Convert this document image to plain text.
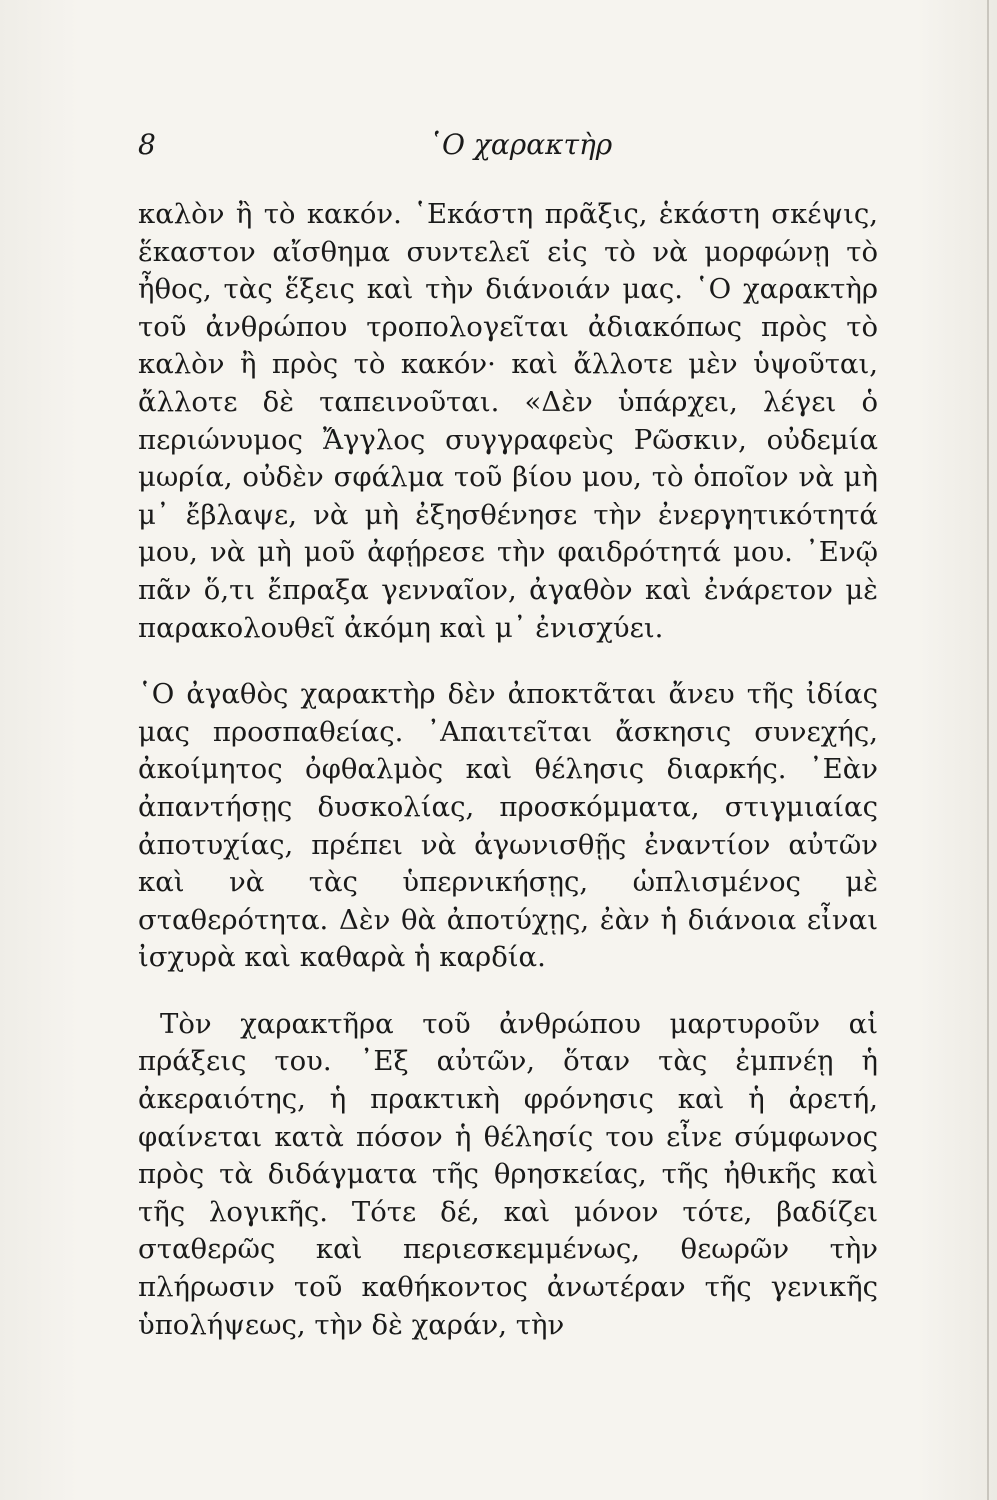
8	῾Ο χαρακτὴρ

καλὸν ἢ τὸ κακόν. ῾Εκάστη πρᾶξις, ἑκάστη σκέψις, ἕκαστον αἴσθημα συντελεῖ εἰς τὸ νὰ μορφώνῃ τὸ ἦθος, τὰς ἕξεις καὶ τὴν διάνοιάν μας. ῾Ο χαρακτὴρ τοῦ ἀνθρώπου τροπολογεῖται ἀδιακόπως πρὸς τὸ καλὸν ἢ πρὸς τὸ κακόν· καὶ ἄλλοτε μὲν ὑψοῦται, ἄλλοτε δὲ ταπεινοῦται. «Δὲν ὑπάρχει, λέγει ὁ περιώνυμος Ἄγγλος συγγραφεὺς Ρῶσκιν, οὐδεμία μωρία, οὐδὲν σφάλμα τοῦ βίου μου, τὸ ὁποῖον νὰ μὴ μ᾽ ἔβλαψε, νὰ μὴ ἐξησθένησε τὴν ἐνεργητικότητά μου, νὰ μὴ μοῦ ἀφῄρεσε τὴν φαιδρότητά μου. ᾽Ενῷ πᾶν ὅ,τι ἔπραξα γενναῖον, ἀγαθὸν καὶ ἐνάρετον μὲ παρακολουθεῖ ἀκόμη καὶ μ᾽ ἐνισχύει.

῾Ο ἀγαθὸς χαρακτὴρ δὲν ἀποκτᾶται ἄνευ τῆς ἰδίας μας προσπαθείας. ᾽Απαιτεῖται ἄσκησις συνεχής, ἀκοίμητος ὀφθαλμὸς καὶ θέλησις διαρκής. ᾽Εὰν ἀπαντήσῃς δυσκολίας, προσκόμματα, στιγμιαίας ἀποτυχίας, πρέπει νὰ ἀγωνισθῇς ἐναντίον αὐτῶν καὶ νὰ τὰς ὑπερνικήσῃς, ὡπλισμένος μὲ σταθερότητα. Δὲν θὰ ἀποτύχῃς, ἐὰν ἡ διάνοια εἶναι ἰσχυρὰ καὶ καθαρὰ ἡ καρδία.

Τὸν χαρακτῆρα τοῦ ἀνθρώπου μαρτυροῦν αἱ πράξεις του. ᾽Εξ αὐτῶν, ὅταν τὰς ἐμπνέῃ ἡ ἀκεραιότης, ἡ πρακτικὴ φρόνησις καὶ ἡ ἀρετή, φαίνεται κατὰ πόσον ἡ θέλησίς του εἶνε σύμφωνος πρὸς τὰ διδάγματα τῆς θρησκείας, τῆς ἠθικῆς καὶ τῆς λογικῆς. Τότε δέ, καὶ μόνον τότε, βαδίζει σταθερῶς καὶ περιεσκεμμένως, θεωρῶν τὴν πλήρωσιν τοῦ καθήκοντος ἀνωτέραν τῆς γενικῆς ὑπολήψεως, τὴν δὲ χαράν, τὴν
